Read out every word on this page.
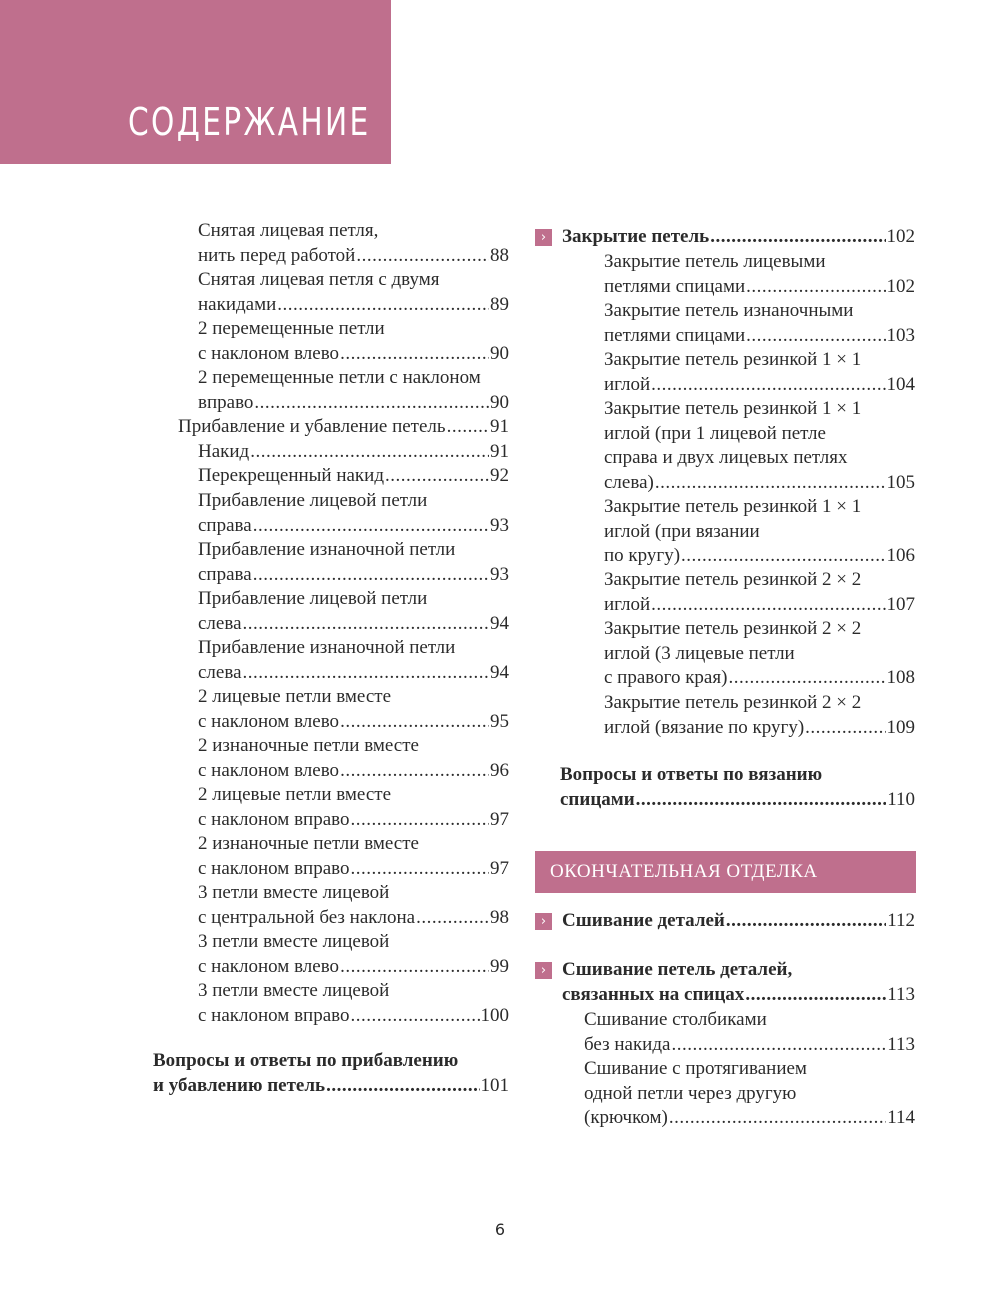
СОДЕРЖАНИЕ
ОКОНЧАТЕЛЬНАЯ ОТДЕЛКА
6
Снятая лицевая петля,
нить перед работой .....	88
Снятая лицевая петля с двумя
накидами .....	89
2 перемещенные петли
с наклоном влево .....	90
2 перемещенные петли с наклоном
вправо .....	90
Прибавление и убавление петель ..... 91
Накид .....	91
Перекрещенный накид .....	92
Прибавление лицевой петли
справа .....	93
Прибавление изнаночной петли
справа .....	93
Прибавление лицевой петли
слева .....	94
Прибавление изнаночной петли
слева .....	94
2 лицевые петли вместе
с наклоном влево .....	95
2 изнаночные петли вместе
с наклоном влево .....	96
2 лицевые петли вместе
с наклоном вправо .....	97
2 изнаночные петли вместе
с наклоном вправо .....	97
3 петли вместе лицевой
с центральной без наклона .....	98
3 петли вместе лицевой
с наклоном влево .....	99
3 петли вместе лицевой
с наклоном вправо .....	100
Вопросы и ответы по прибавлению
и убавлению петель .....	101
Закрытие петель .....	102
›
Закрытие петель лицевыми
петлями спицами .....	102
Закрытие петель изнаночными
петлями спицами .....	103
Закрытие петель резинкой 1 × 1
иглой .....	104
Закрытие петель резинкой 1 × 1
иглой (при 1 лицевой петле
справа и двух лицевых петлях
слева) .....	105
Закрытие петель резинкой 1 × 1
иглой (при вязании
по кругу) .....	106
Закрытие петель резинкой 2 × 2
иглой .....	107
Закрытие петель резинкой 2 × 2
иглой (3 лицевые петли
с правого края) .....	108
Закрытие петель резинкой 2 × 2
иглой (вязание по кругу) .....	109
Вопросы и ответы по вязанию
спицами .....	110
Сшивание деталей .....	112
›
Сшивание петель деталей,
связанных на спицах .....	113
›
Сшивание столбиками
без накида .....	113
Сшивание с протягиванием
одной петли через другую
(крючком) .....	114
